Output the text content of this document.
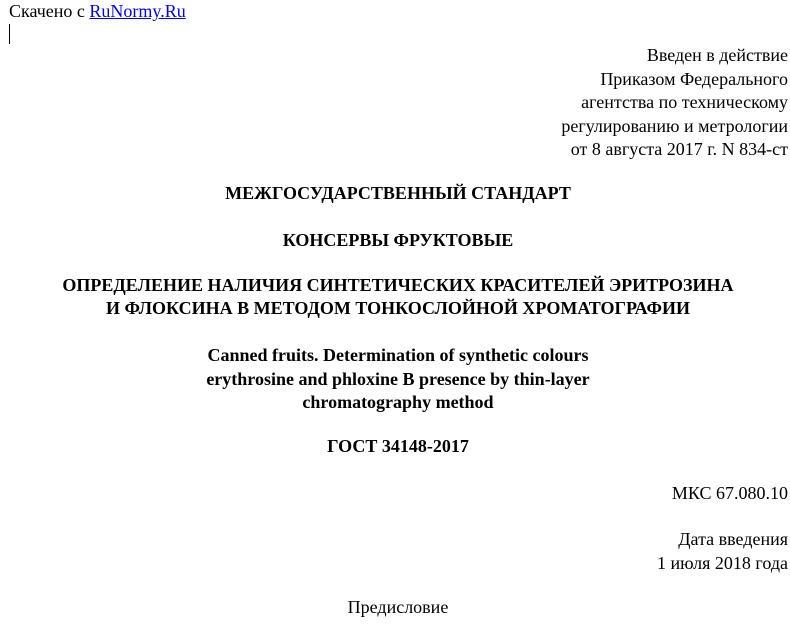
Скачено с RuNormy.Ru
Введен в действие
Приказом Федерального
агентства по техническому
регулированию и метрологии
от 8 августа 2017 г. N 834-ст
МЕЖГОСУДАРСТВЕННЫЙ СТАНДАРТ
КОНСЕРВЫ ФРУКТОВЫЕ
ОПРЕДЕЛЕНИЕ НАЛИЧИЯ СИНТЕТИЧЕСКИХ КРАСИТЕЛЕЙ ЭРИТРОЗИНА
И ФЛОКСИНА В МЕТОДОМ ТОНКОСЛОЙНОЙ ХРОМАТОГРАФИИ
Canned fruits. Determination of synthetic colours
erythrosine and phloxine B presence by thin-layer
chromatography method
ГОСТ 34148-2017
МКС 67.080.10
Дата введения
1 июля 2018 года
Предисловие
